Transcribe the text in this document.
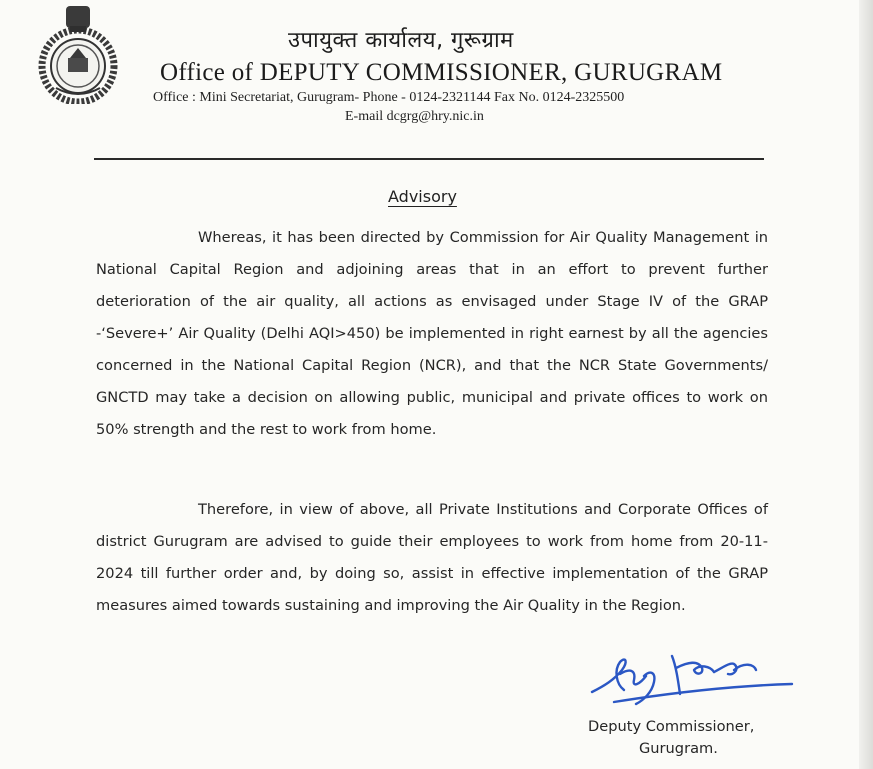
उपायुक्त कार्यालय, गुरूग्राम
Office of DEPUTY COMMISSIONER, GURUGRAM
Office : Mini Secretariat, Gurugram- Phone - 0124-2321144 Fax No. 0124-2325500
E-mail dcgrg@hry.nic.in
Advisory

Whereas, it has been directed by Commission for Air Quality Management in National Capital Region and adjoining areas that in an effort to prevent further deterioration of the air quality, all actions as envisaged under Stage IV of the GRAP -‘Severe+’ Air Quality (Delhi AQI>450) be implemented in right earnest by all the agencies concerned in the National Capital Region (NCR), and that the NCR State Governments/ GNCTD may take a decision on allowing public, municipal and private offices to work on 50% strength and the rest to work from home.

Therefore, in view of above, all Private Institutions and Corporate Offices of district Gurugram are advised to guide their employees to work from home from 20-11-2024 till further order and, by doing so, assist in effective implementation of the GRAP measures aimed towards sustaining and improving the Air Quality in the Region.

Deputy Commissioner,
Gurugram.
